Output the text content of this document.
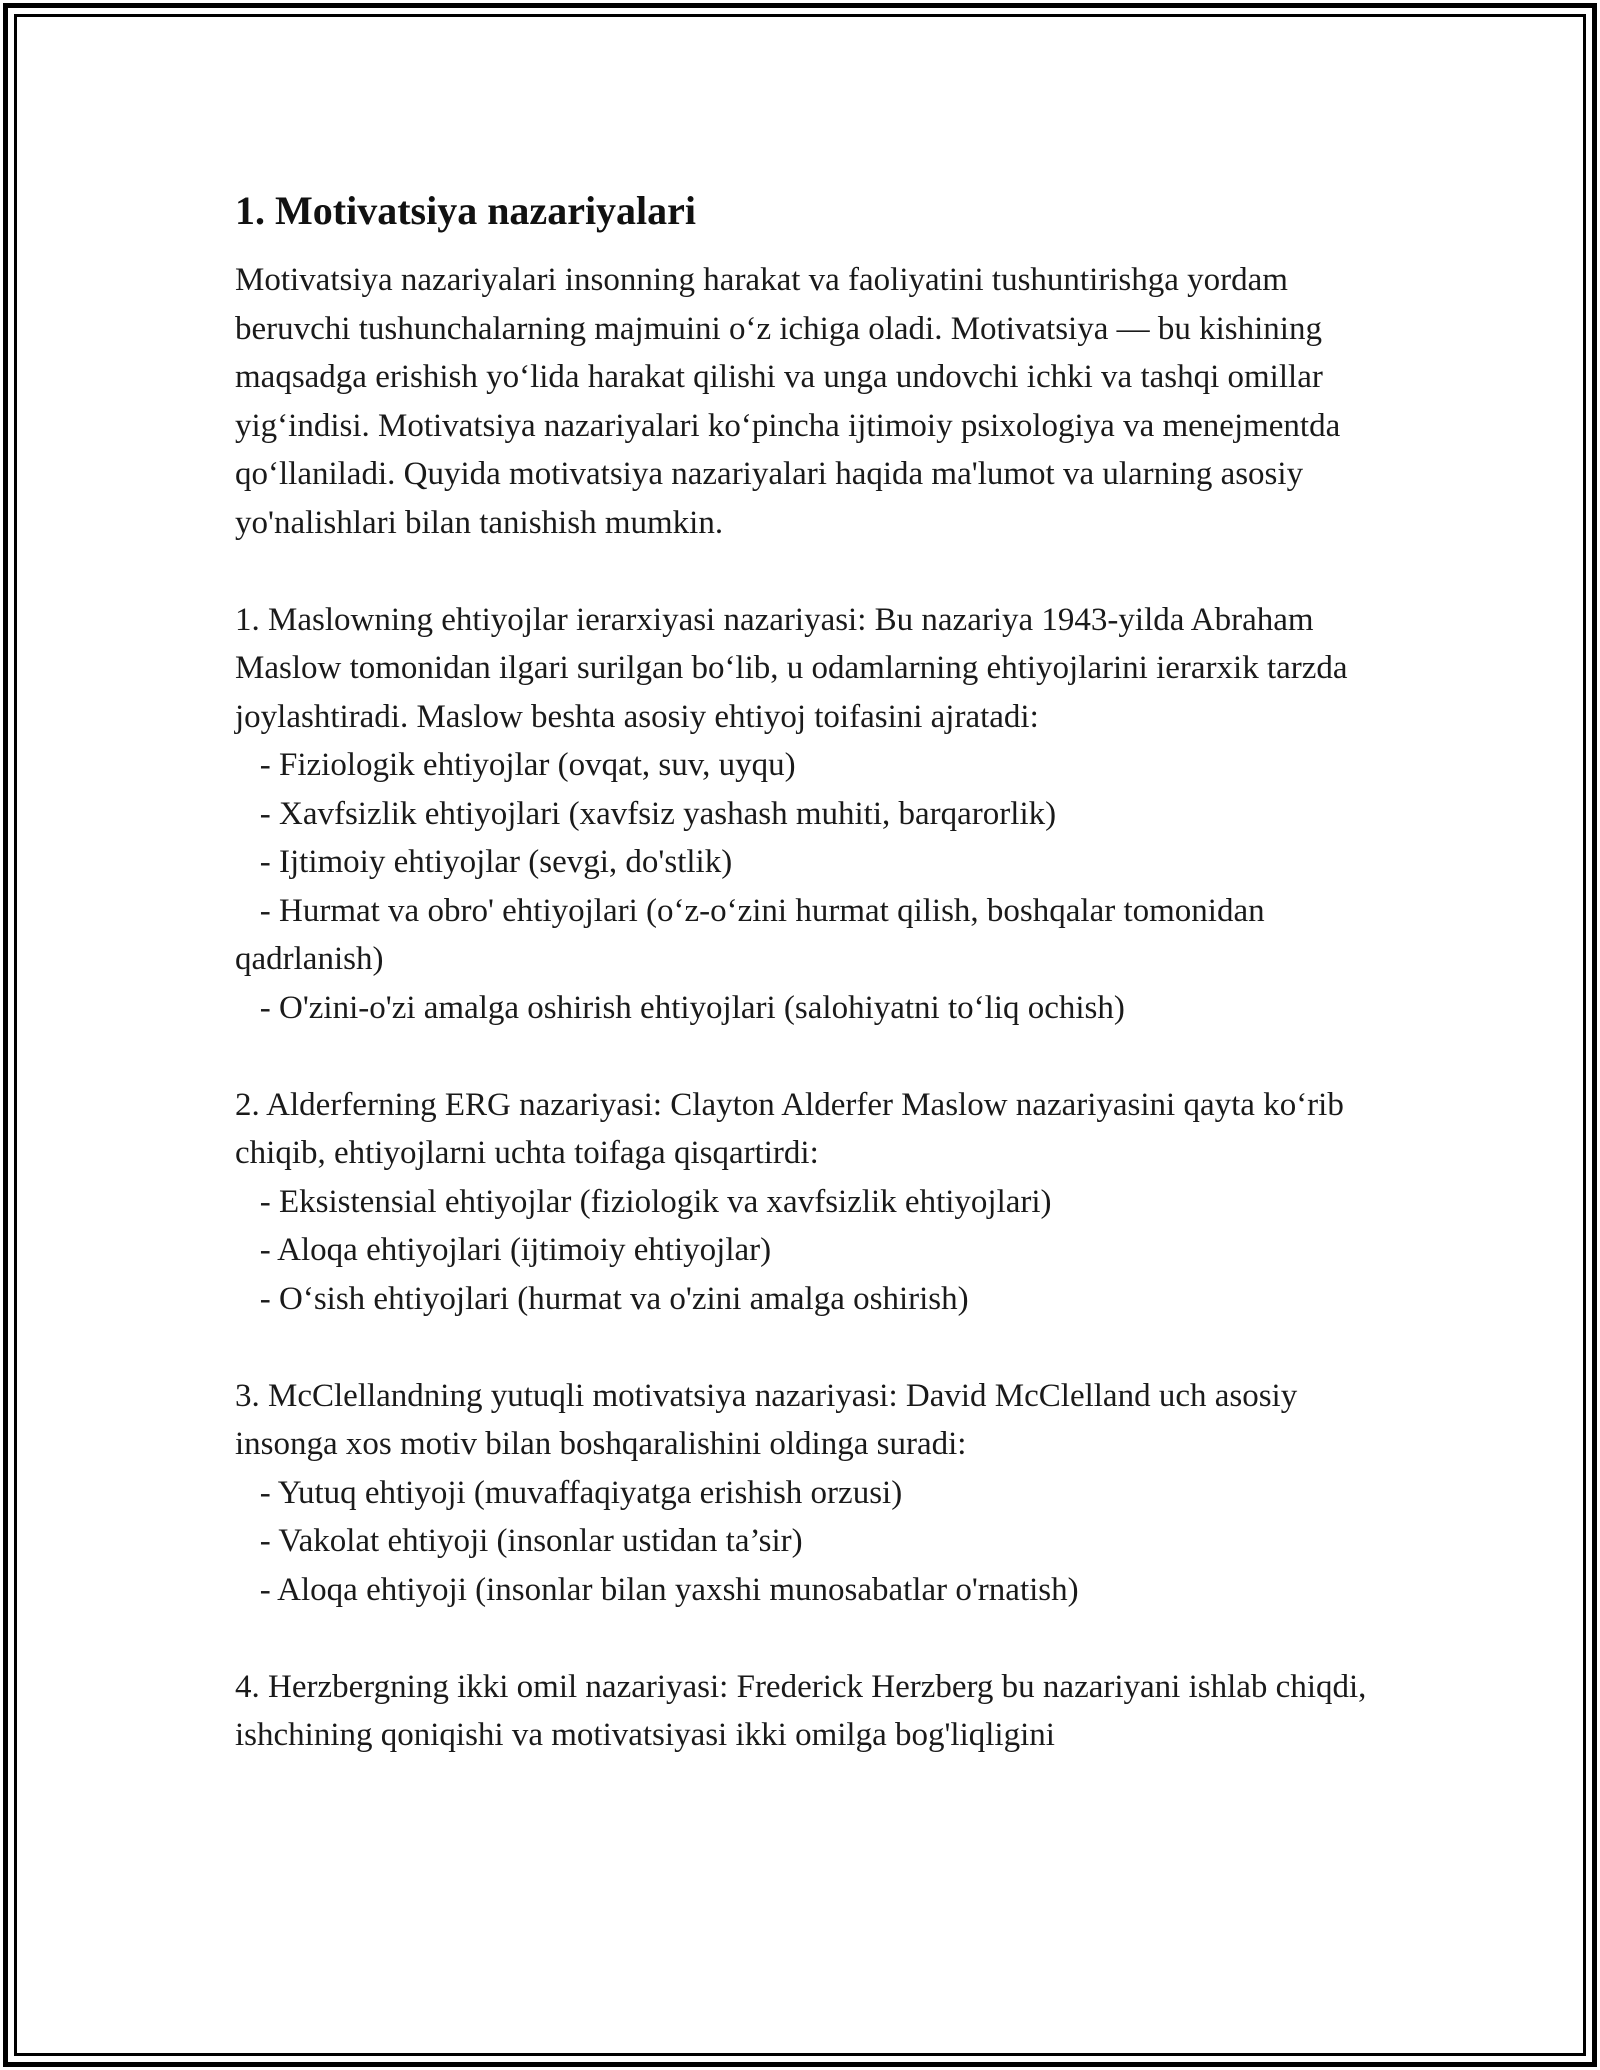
1. Motivatsiya nazariyalari

Motivatsiya nazariyalari insonning harakat va faoliyatini tushuntirishga yordam beruvchi tushunchalarning majmuini o‘z ichiga oladi. Motivatsiya — bu kishining maqsadga erishish yo‘lida harakat qilishi va unga undovchi ichki va tashqi omillar yig‘indisi. Motivatsiya nazariyalari ko‘pincha ijtimoiy psixologiya va menejmentda qo‘llaniladi. Quyida motivatsiya nazariyalari haqida ma'lumot va ularning asosiy yo'nalishlari bilan tanishish mumkin.

1. Maslowning ehtiyojlar ierarxiyasi nazariyasi: Bu nazariya 1943-yilda Abraham Maslow tomonidan ilgari surilgan bo‘lib, u odamlarning ehtiyojlarini ierarxik tarzda joylashtiradi. Maslow beshta asosiy ehtiyoj toifasini ajratadi:

- Fiziologik ehtiyojlar (ovqat, suv, uyqu)
- Xavfsizlik ehtiyojlari (xavfsiz yashash muhiti, barqarorlik)
- Ijtimoiy ehtiyojlar (sevgi, do'stlik)
- Hurmat va obro' ehtiyojlari (o‘z-o‘zini hurmat qilish, boshqalar tomonidan qadrlanish)
- O'zini-o'zi amalga oshirish ehtiyojlari (salohiyatni to‘liq ochish)

2. Alderferning ERG nazariyasi: Clayton Alderfer Maslow nazariyasini qayta ko‘rib chiqib, ehtiyojlarni uchta toifaga qisqartirdi:

- Eksistensial ehtiyojlar (fiziologik va xavfsizlik ehtiyojlari)
- Aloqa ehtiyojlari (ijtimoiy ehtiyojlar)
- O‘sish ehtiyojlari (hurmat va o'zini amalga oshirish)

3. McClellandning yutuqli motivatsiya nazariyasi: David McClelland uch asosiy insonga xos motiv bilan boshqaralishini oldinga suradi:

- Yutuq ehtiyoji (muvaffaqiyatga erishish orzusi)
- Vakolat ehtiyoji (insonlar ustidan ta’sir)
- Aloqa ehtiyoji (insonlar bilan yaxshi munosabatlar o'rnatish)

4. Herzbergning ikki omil nazariyasi: Frederick Herzberg bu nazariyani ishlab chiqdi, ishchining qoniqishi va motivatsiyasi ikki omilga bog'liqligini
